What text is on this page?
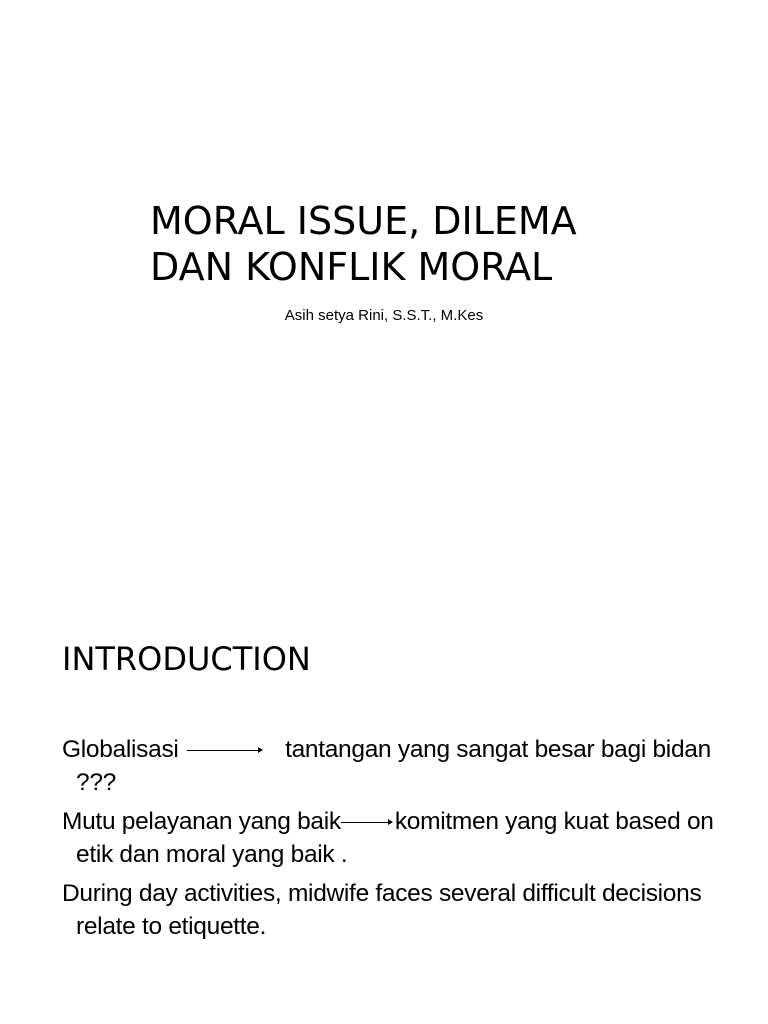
MORAL ISSUE, DILEMA
DAN KONFLIK MORAL
Asih setya Rini, S.S.T., M.Kes
INTRODUCTION

Globalisasi	tantangan yang sangat besar bagi bidan ???

Mutu pelayanan yang baik komitmen yang kuat based on etik dan moral yang baik .

During day activities, midwife faces several difficult decisions relate to etiquette.
